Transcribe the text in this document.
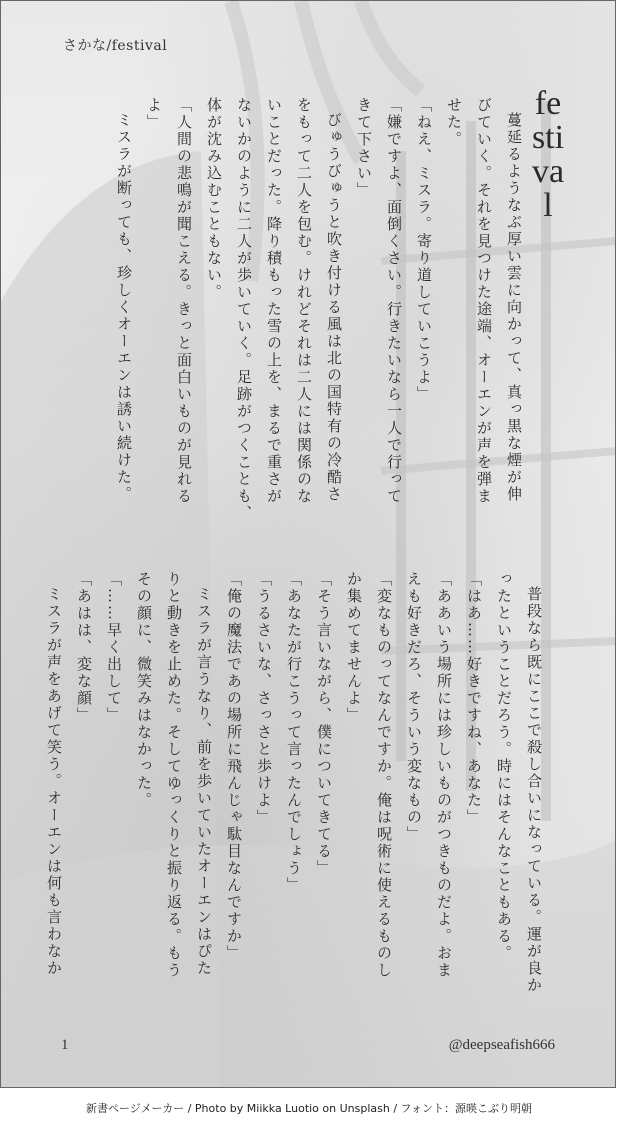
さかな/festival
festival
蔓延るようなぶ厚い雲に向かって、真っ黒な煙が伸
びていく。それを見つけた途端、オーエンが声を弾ま
せた。
「ねえ、ミスラ。寄り道していこうよ」
「嫌ですよ、面倒くさい。行きたいなら一人で行って
きて下さい」
びゅうびゅうと吹き付ける風は北の国特有の冷酷さ
をもって二人を包む。けれどそれは二人には関係のな
いことだった。降り積もった雪の上を、まるで重さが
ないかのように二人が歩いていく。足跡がつくことも、
体が沈み込むこともない。
「人間の悲鳴が聞こえる。きっと面白いものが見れる
よ」
ミスラが断っても、珍しくオーエンは誘い続けた。
普段なら既にここで殺し合いになっている。運が良か
ったということだろう。時にはそんなこともある。
「はあ……好きですね、あなた」
「ああいう場所には珍しいものがつきものだよ。おま
えも好きだろ、そういう変なもの」
「変なものってなんですか。俺は呪術に使えるものし
か集めてませんよ」
「そう言いながら、僕についてきてる」
「あなたが行こうって言ったんでしょう」
「うるさいな、さっさと歩けよ」
「俺の魔法であの場所に飛んじゃ駄目なんですか」
ミスラが言うなり、前を歩いていたオーエンはぴた
りと動きを止めた。そしてゆっくりと振り返る。もう
その顔に、微笑みはなかった。
「……早く出して」
「あはは、変な顔」
ミスラが声をあげて笑う。オーエンは何も言わなか
1	@deepseafish666
新書ページメーカー / Photo by Miikka Luotio on Unsplash / フォント：源暎こぶり明朝
